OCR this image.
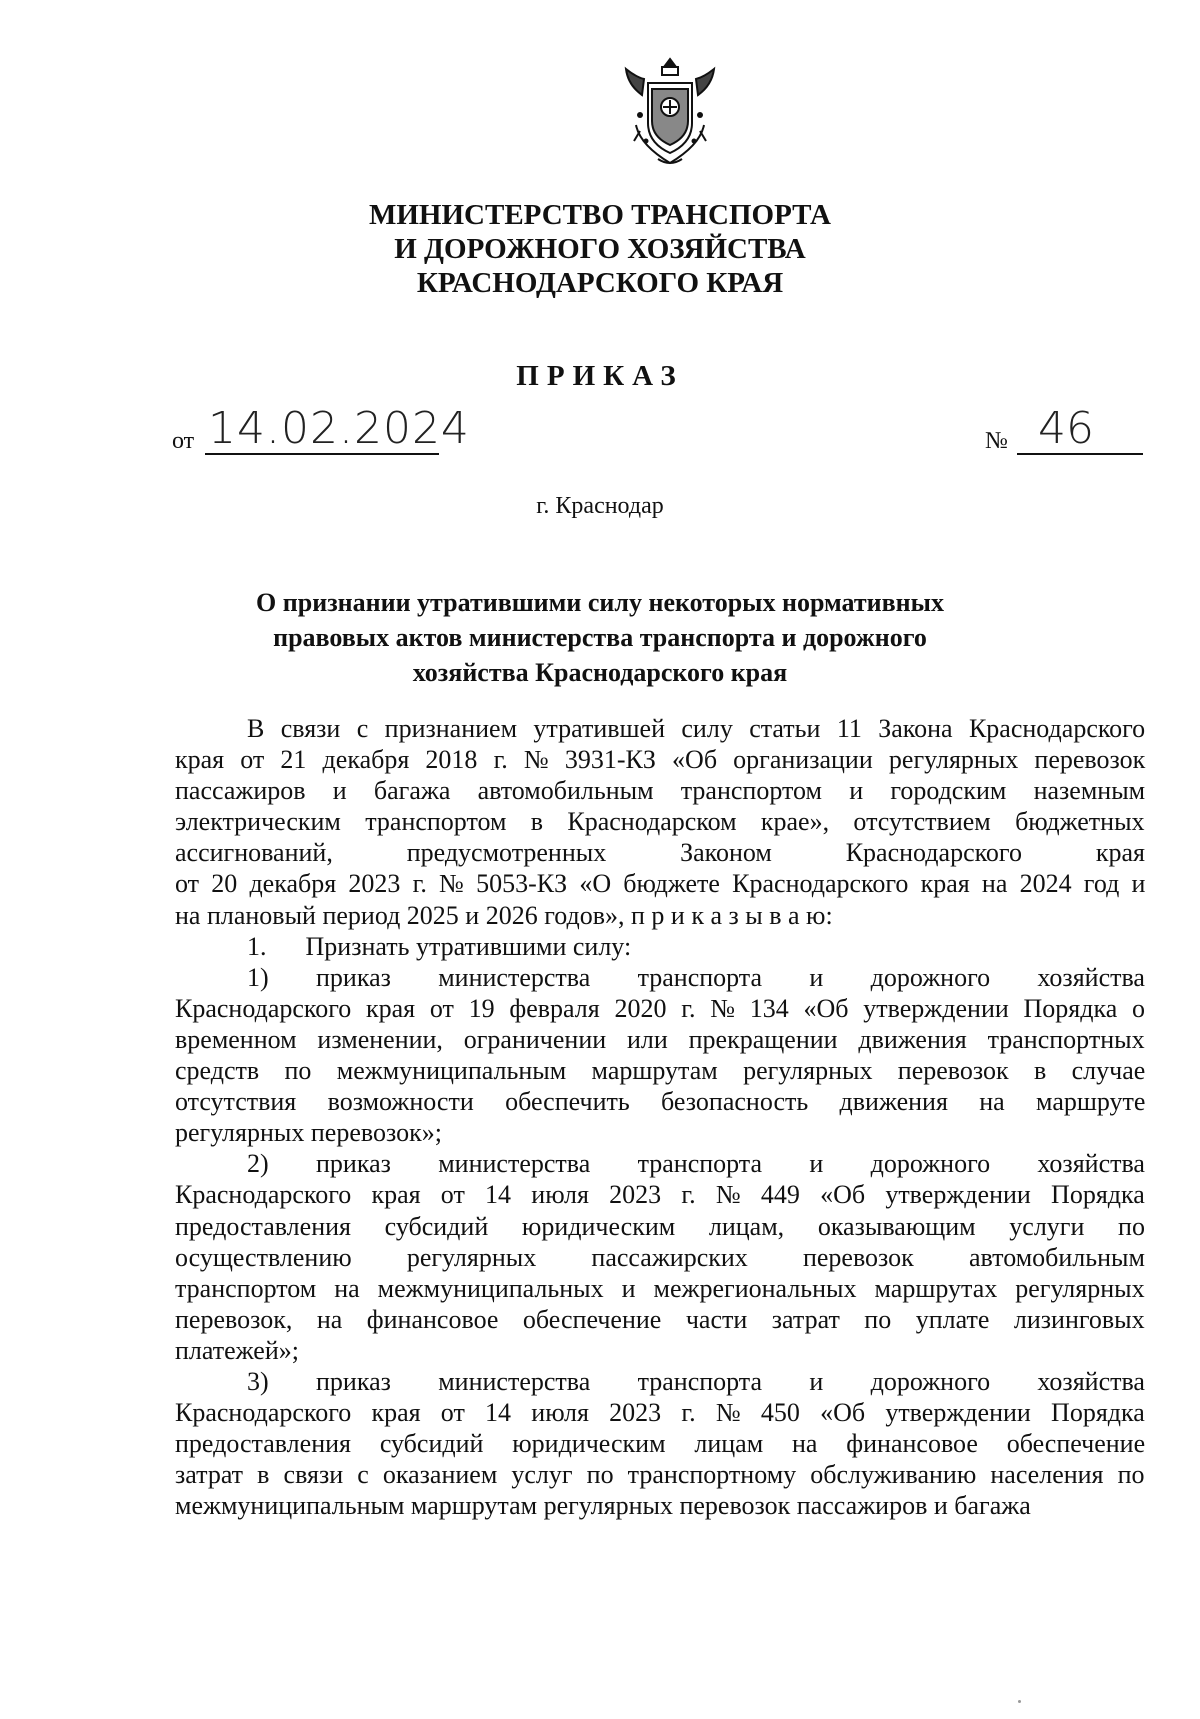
МИНИСТЕРСТВО ТРАНСПОРТА
И ДОРОЖНОГО ХОЗЯЙСТВА
КРАСНОДАРСКОГО КРАЯ
ПРИКАЗ
от 14.02.2024	№ 46
г. Краснодар
О признании утратившими силу некоторых нормативных
правовых актов министерства транспорта и дорожного
хозяйства Краснодарского края
В связи с признанием утратившей силу статьи 11 Закона Краснодарского
края от 21 декабря 2018 г. № 3931-КЗ «Об организации регулярных перевозок
пассажиров и багажа автомобильным транспортом и городским наземным
электрическим транспортом в Краснодарском крае», отсутствием бюджетных
ассигнований,	предусмотренных	Законом	Краснодарского	края
от 20 декабря 2023 г. № 5053-КЗ «О бюджете Краснодарского края на 2024 год и
на плановый период 2025 и 2026 годов», п р и к а з ы в а ю:
1.      Признать утратившими силу:
1) приказ министерства транспорта и дорожного хозяйства
Краснодарского края от 19 февраля 2020 г. № 134 «Об утверждении Порядка о
временном изменении, ограничении или прекращении движения транспортных
средств по межмуниципальным маршрутам регулярных перевозок в случае
отсутствия возможности обеспечить безопасность движения на маршруте
регулярных перевозок»;
2) приказ министерства транспорта и дорожного хозяйства
Краснодарского края от 14 июля 2023 г. № 449 «Об утверждении Порядка
предоставления субсидий юридическим лицам, оказывающим услуги по
осуществлению регулярных пассажирских перевозок автомобильным
транспортом на межмуниципальных и межрегиональных маршрутах регулярных
перевозок, на финансовое обеспечение части затрат по уплате лизинговых
платежей»;
3) приказ министерства транспорта и дорожного хозяйства
Краснодарского края от 14 июля 2023 г. № 450 «Об утверждении Порядка
предоставления субсидий юридическим лицам на финансовое обеспечение
затрат в связи с оказанием услуг по транспортному обслуживанию населения по
межмуниципальным маршрутам регулярных перевозок пассажиров и багажа
